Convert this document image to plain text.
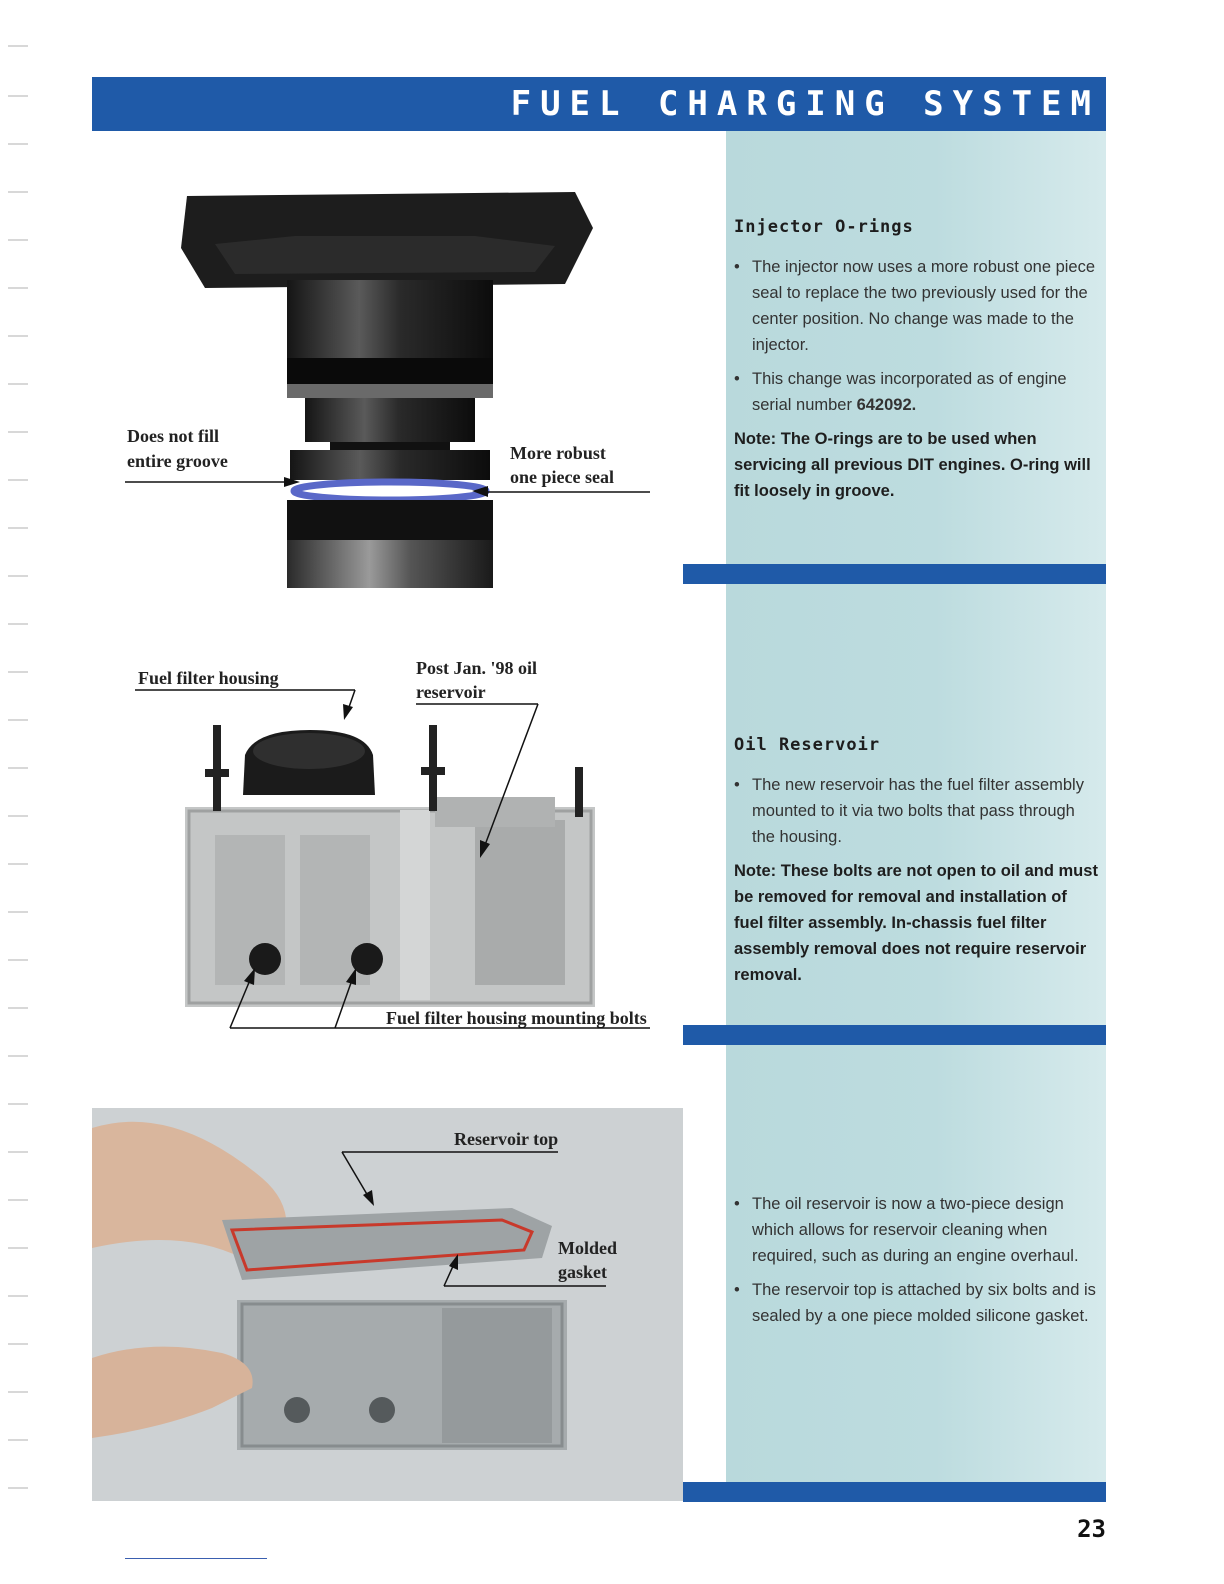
FUEL CHARGING SYSTEM
Injector O-rings
• The injector now uses a more robust one piece seal to replace the two previously used for the center position. No change was made to the injector.
• This change was incorporated as of engine serial number 642092.
Note: The O-rings are to be used when servicing all previous DIT engines. O-ring will fit loosely in groove.
Oil Reservoir
• The new reservoir has the fuel filter assembly mounted to it via two bolts that pass through the housing.
Note: These bolts are not open to oil and must be removed for removal and installation of fuel filter assembly. In-chassis fuel filter assembly removal does not require reservoir removal.
• The oil reservoir is now a two-piece design which allows for reservoir cleaning when required, such as during an engine overhaul.
• The reservoir top is attached by six bolts and is sealed by a one piece molded silicone gasket.
Does not fill
entire groove	More robust
one piece seal
Fuel filter housing	Post Jan. '98 oil
reservoir
Fuel filter housing mounting bolts
Reservoir top
Molded
gasket
23
